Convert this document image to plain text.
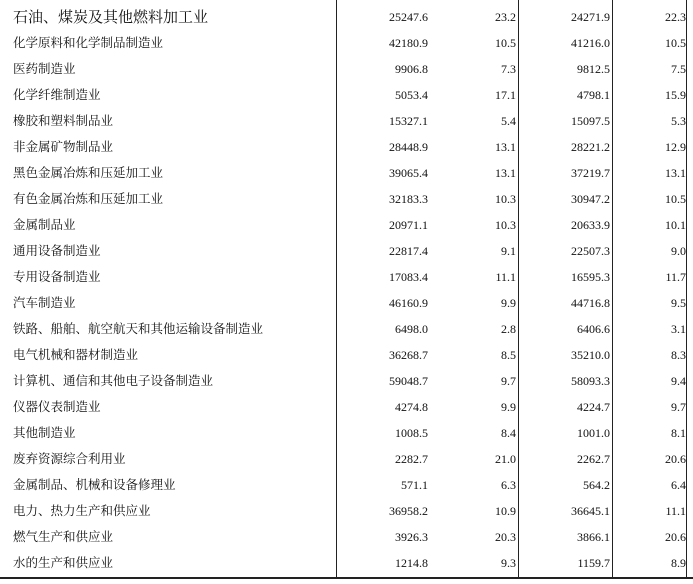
石油、煤炭及其他燃料加工业	25247.6	23.2	24271.9	22.3
化学原料和化学制品制造业	42180.9	10.5	41216.0	10.5
医药制造业	9906.8	7.3	9812.5	7.5
化学纤维制造业	5053.4	17.1	4798.1	15.9
橡胶和塑料制品业	15327.1	5.4	15097.5	5.3
非金属矿物制品业	28448.9	13.1	28221.2	12.9
黑色金属冶炼和压延加工业	39065.4	13.1	37219.7	13.1
有色金属冶炼和压延加工业	32183.3	10.3	30947.2	10.5
金属制品业	20971.1	10.3	20633.9	10.1
通用设备制造业	22817.4	9.1	22507.3	9.0
专用设备制造业	17083.4	11.1	16595.3	11.7
汽车制造业	46160.9	9.9	44716.8	9.5
铁路、船舶、航空航天和其他运输设备制造业	6498.0	2.8	6406.6	3.1
电气机械和器材制造业	36268.7	8.5	35210.0	8.3
计算机、通信和其他电子设备制造业	59048.7	9.7	58093.3	9.4
仪器仪表制造业	4274.8	9.9	4224.7	9.7
其他制造业	1008.5	8.4	1001.0	8.1
废弃资源综合利用业	2282.7	21.0	2262.7	20.6
金属制品、机械和设备修理业	571.1	6.3	564.2	6.4
电力、热力生产和供应业	36958.2	10.9	36645.1	11.1
燃气生产和供应业	3926.3	20.3	3866.1	20.6
水的生产和供应业	1214.8	9.3	1159.7	8.9
